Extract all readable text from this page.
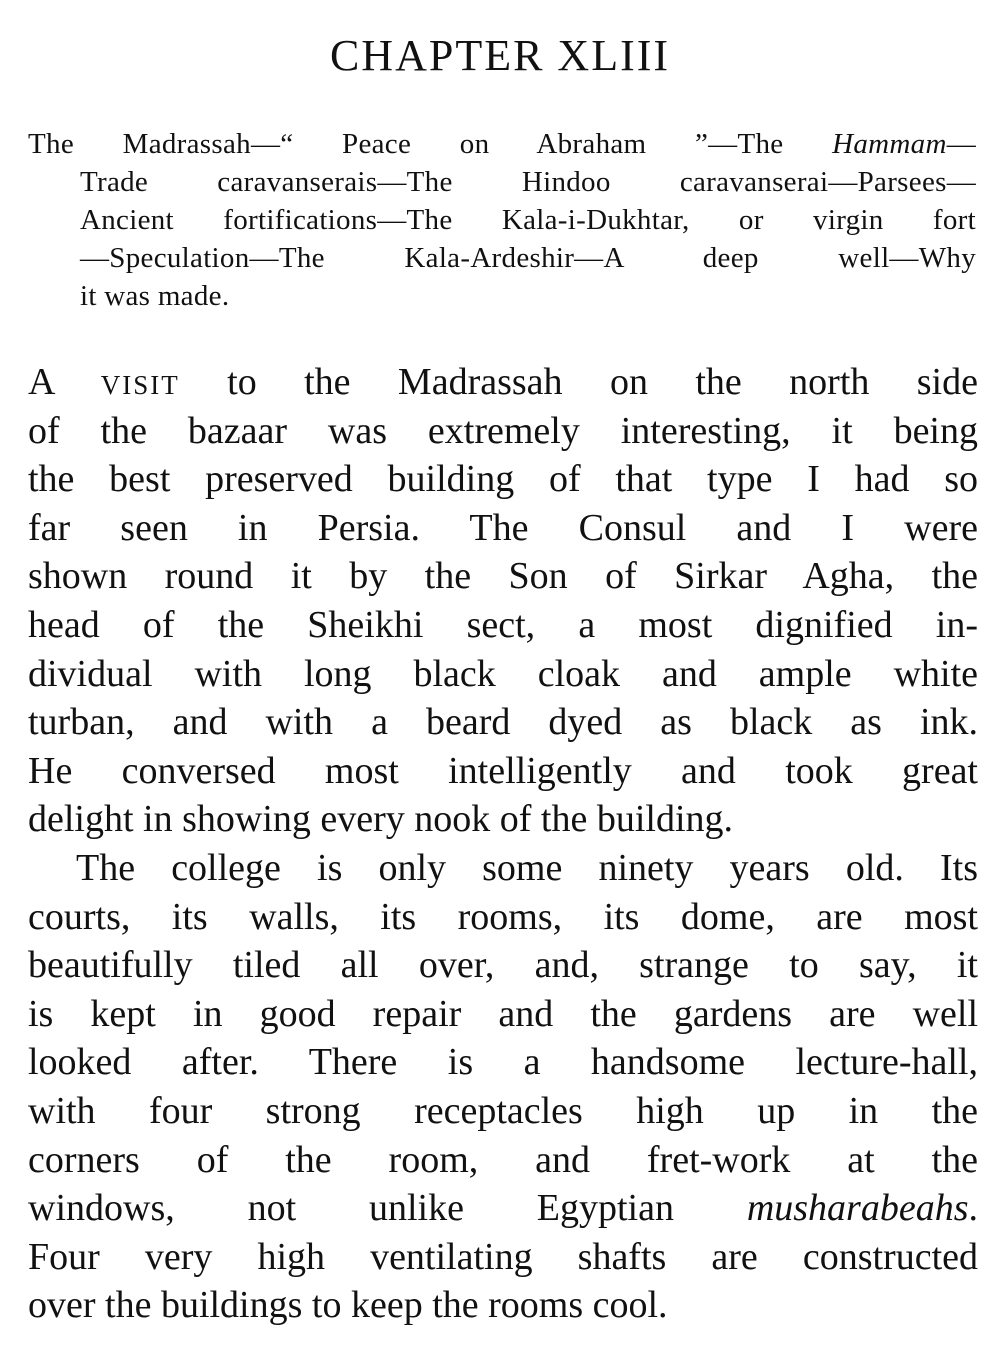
CHAPTER XLIII
The Madrassah—“ Peace on Abraham ”—The Hammam—
Trade caravanserais—The Hindoo caravanserai—Parsees—
Ancient fortifications—The Kala-i-Dukhtar, or virgin fort
—Speculation—The Kala-Ardeshir—A deep well—Why
it was made.
A visit to the Madrassah on the north side
of the bazaar was extremely interesting, it being
the best preserved building of that type I had so
far seen in Persia. The Consul and I were
shown round it by the Son of Sirkar Agha, the
head of the Sheikhi sect, a most dignified in-
dividual with long black cloak and ample white
turban, and with a beard dyed as black as ink.
He conversed most intelligently and took great
delight in showing every nook of the building.
The college is only some ninety years old. Its
courts, its walls, its rooms, its dome, are most
beautifully tiled all over, and, strange to say, it
is kept in good repair and the gardens are well
looked after. There is a handsome lecture-hall,
with four strong receptacles high up in the
corners of the room, and fret-work at the
windows, not unlike Egyptian musharabeahs.
Four very high ventilating shafts are constructed
over the buildings to keep the rooms cool.
